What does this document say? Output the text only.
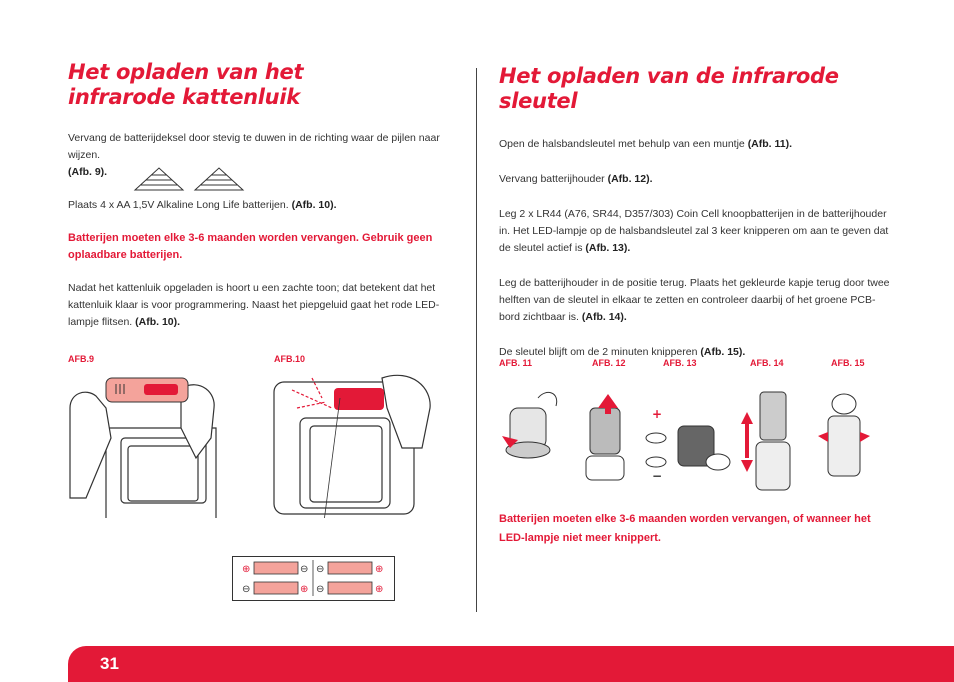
Het opladen van het
infrarode kattenluik

Vervang de batterijdeksel door stevig te duwen in de richting waar de pijlen naar wijzen.
(Afb. 9).

Plaats 4 x AA 1,5V Alkaline Long Life batterijen. (Afb. 10).

Batterijen moeten elke 3-6 maanden worden vervangen. Gebruik geen oplaadbare batterijen.

Nadat het kattenluik opgeladen is hoort u een zachte toon; dat betekent dat het kattenluik klaar is voor programmering. Naast het piepgeluid gaat het rode LED-lampje flitsen. (Afb. 10).

AFB.9	AFB.10
⊕	⊖ ⊖	⊕
⊖	⊕ ⊖	⊕
Het opladen van de infrarode sleutel

Open de halsbandsleutel met behulp van een muntje (Afb. 11).

Vervang batterijhouder (Afb. 12).

Leg 2 x LR44 (A76, SR44, D357/303) Coin Cell knoopbatterijen in de batterijhouder in. Het LED-lampje op de halsbandsleutel zal 3 keer knipperen om aan te geven dat de sleutel actief is (Afb. 13).

Leg de batterijhouder in de positie terug. Plaats het gekleurde kapje terug door twee helften van de sleutel in elkaar te zetten en controleer daarbij of het groene PCB-bord zichtbaar is. (Afb. 14).

De sleutel blijft om de 2 minuten knipperen (Afb. 15).

AFB. 11	AFB. 12	AFB. 13	AFB. 14	AFB. 15
+
−

Batterijen moeten elke 3-6 maanden worden vervangen, of wanneer het LED-lampje niet meer knippert.

31
